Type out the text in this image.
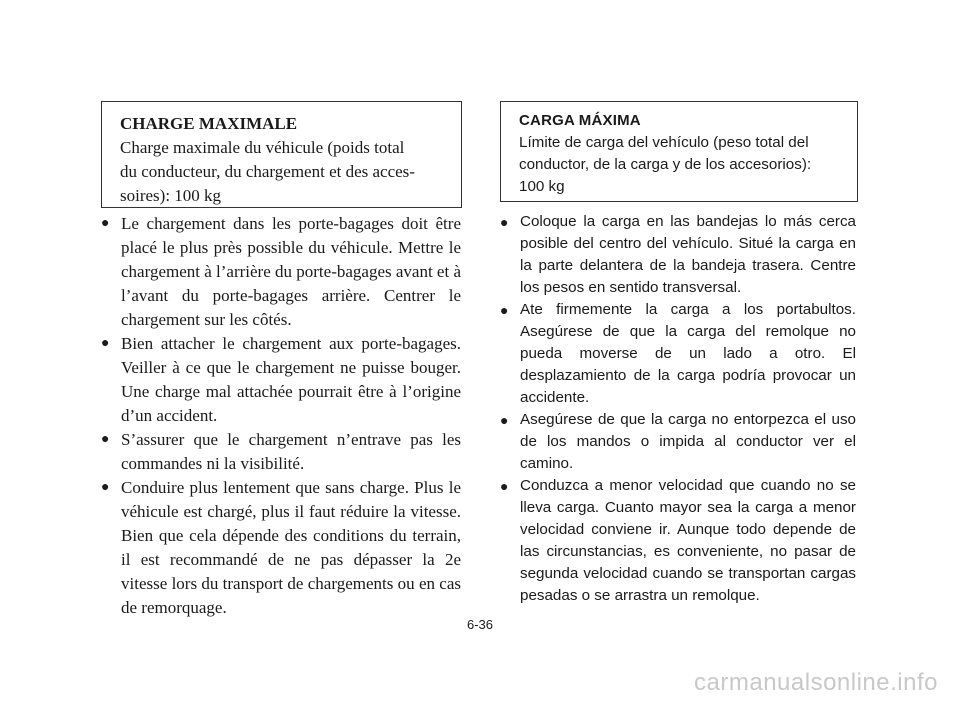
CHARGE MAXIMALE
Charge maximale du véhicule (poids total
du conducteur, du chargement et des acces-
soires): 100 kg
● Le chargement dans les porte-bagages doit être placé le plus près possible du véhicule. Mettre le chargement à l’arrière du porte-bagages avant et à l’avant du porte-bagages arrière. Centrer le chargement sur les côtés.
● Bien attacher le chargement aux porte-bagages. Veiller à ce que le chargement ne puisse bouger. Une charge mal attachée pourrait être à l’origine d’un accident.
● S’assurer que le chargement n’entrave pas les commandes ni la visibilité.
● Conduire plus lentement que sans charge. Plus le véhicule est chargé, plus il faut réduire la vitesse. Bien que cela dépende des conditions du terrain, il est recommandé de ne pas dépasser la 2e vitesse lors du transport de chargements ou en cas de remorquage.
CARGA MÁXIMA
Límite de carga del vehículo (peso total del
conductor, de la carga y de los accesorios):
100 kg
● Coloque la carga en las bandejas lo más cerca posible del centro del vehículo. Situé la carga en la parte delantera de la bandeja trasera. Centre los pesos en sentido transversal.
● Ate firmemente la carga a los portabultos. Asegúrese de que la carga del remolque no pueda moverse de un lado a otro. El desplazamiento de la carga podría provocar un accidente.
● Asegúrese de que la carga no entorpezca el uso de los mandos o impida al conductor ver el camino.
● Conduzca a menor velocidad que cuando no se lleva carga. Cuanto mayor sea la carga a menor velocidad conviene ir. Aunque todo depende de las circunstancias, es conveniente, no pasar de segunda velocidad cuando se transportan cargas pesadas o se arrastra un remolque.
6-36
carmanualsonline.info
